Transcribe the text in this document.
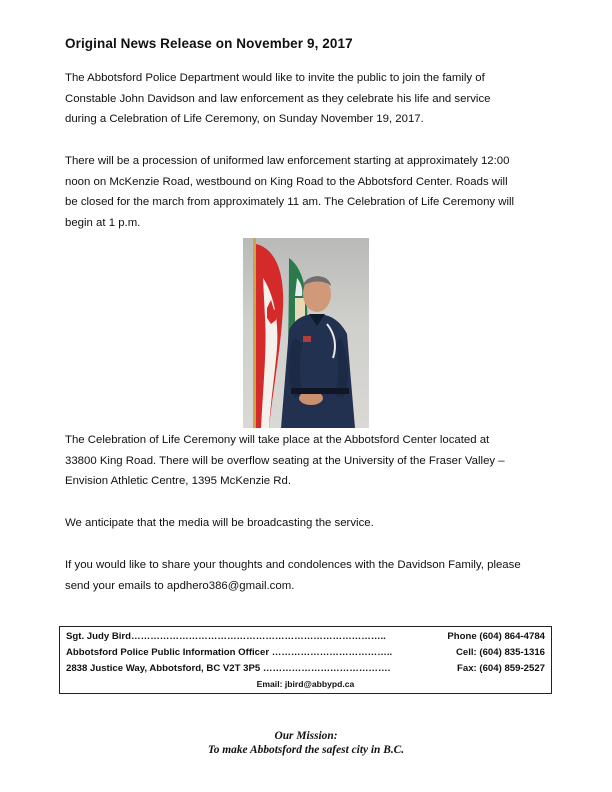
Original News Release on November 9, 2017
The Abbotsford Police Department would like to invite the public to join the family of
Constable John Davidson and law enforcement as they celebrate his life and service
during a Celebration of Life Ceremony, on Sunday November 19, 2017.
There will be a procession of uniformed law enforcement starting at approximately 12:00
noon on McKenzie Road, westbound on King Road to the Abbotsford Center. Roads will
be closed for the march from approximately 11 am. The Celebration of Life Ceremony will
begin at 1 p.m.
The Celebration of Life Ceremony will take place at the Abbotsford Center located at
33800 King Road. There will be overflow seating at the University of the Fraser Valley –
Envision Athletic Centre, 1395 McKenzie Rd.
We anticipate that the media will be broadcasting the service.
If you would like to share your thoughts and condolences with the Davidson Family, please
send your emails to apdhero386@gmail.com.
Sgt. Judy Bird……………………………………………………………………..	Phone (604) 864-4784
Abbotsford Police Public Information Officer ………………………………..	Cell: (604) 835-1316
2838 Justice Way, Abbotsford, BC V2T 3P5 ………………………………….	Fax: (604) 859-2527
Email: jbird@abbypd.ca
Our Mission:
To make Abbotsford the safest city in B.C.
